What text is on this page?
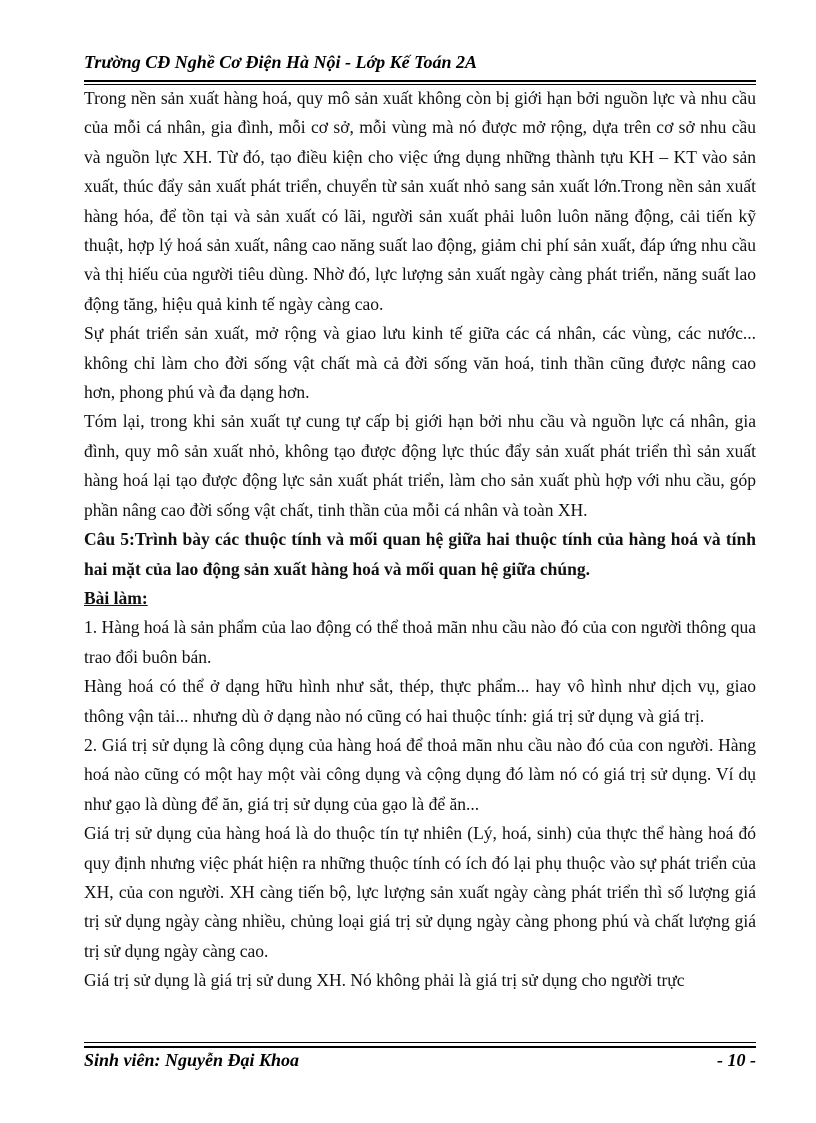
Trường CĐ Nghề Cơ Điện Hà Nội - Lớp Kế Toán 2A

Trong nền sản xuất hàng hoá, quy mô sản xuất không còn bị giới hạn bởi nguồn lực và nhu cầu của mỗi cá nhân, gia đình, mỗi cơ sở, mỗi vùng mà nó được mở rộng, dựa trên cơ sở nhu cầu và nguồn lực XH. Từ đó, tạo điều kiện cho việc ứng dụng những thành tựu KH – KT vào sản xuất, thúc đẩy sản xuất phát triển, chuyển từ sản xuất nhỏ sang sản xuất lớn.Trong nền sản xuất hàng hóa, để tồn tại và sản xuất có lãi, người sản xuất phải luôn luôn năng động, cải tiến kỹ thuật, hợp lý hoá sản xuất, nâng cao năng suất lao động, giảm chi phí sản xuất, đáp ứng nhu cầu và thị hiếu của người tiêu dùng. Nhờ đó, lực lượng sản xuất ngày càng phát triển, năng suất lao động tăng, hiệu quả kinh tế ngày càng cao.

Sự phát triển sản xuất, mở rộng và giao lưu kinh tế giữa các cá nhân, các vùng, các nước... không chỉ làm cho đời sống vật chất mà cả đời sống văn hoá, tinh thần cũng được nâng cao hơn, phong phú và đa dạng hơn.

Tóm lại, trong khi sản xuất tự cung tự cấp bị giới hạn bởi nhu cầu và nguồn lực cá nhân, gia đình, quy mô sản xuất nhỏ, không tạo được động lực thúc đẩy sản xuất phát triển thì sản xuất hàng hoá lại tạo được động lực sản xuất phát triển, làm cho sản xuất phù hợp với nhu cầu, góp phần nâng cao đời sống vật chất, tinh thần của mỗi cá nhân và toàn XH.

Câu 5:Trình bày các thuộc tính và mối quan hệ giữa hai thuộc tính của hàng hoá và tính hai mặt của lao động sản xuất hàng hoá và mối quan hệ giữa chúng.

Bài làm:

1. Hàng hoá là sản phẩm của lao động có thể thoả mãn nhu cầu nào đó của con người thông qua trao đổi buôn bán.

Hàng hoá có thể ở dạng hữu hình như sắt, thép, thực phẩm... hay vô hình như dịch vụ, giao thông vận tải... nhưng dù ở dạng nào nó cũng có hai thuộc tính: giá trị sử dụng và giá trị.

2. Giá trị sử dụng là công dụng của hàng hoá để thoả mãn nhu cầu nào đó của con người. Hàng hoá nào cũng có một hay một vài công dụng và cộng dụng đó làm nó có giá trị sử dụng. Ví dụ như gạo là dùng để ăn, giá trị sử dụng của gạo là để ăn...

Giá trị sử dụng của hàng hoá là do thuộc tín tự nhiên (Lý, hoá, sinh) của thực thể hàng hoá đó quy định nhưng việc phát hiện ra những thuộc tính có ích đó lại phụ thuộc vào sự phát triển của XH, của con người. XH càng tiến bộ, lực lượng sản xuất ngày càng phát triển thì số lượng giá trị sử dụng ngày càng nhiều, chủng loại giá trị sử dụng ngày càng phong phú và chất lượng giá trị sử dụng ngày càng cao.

Giá trị sử dụng là giá trị sử dung XH. Nó không phải là giá trị sử dụng cho người trực

Sinh viên: Nguyễn Đại Khoa	- 10 -
